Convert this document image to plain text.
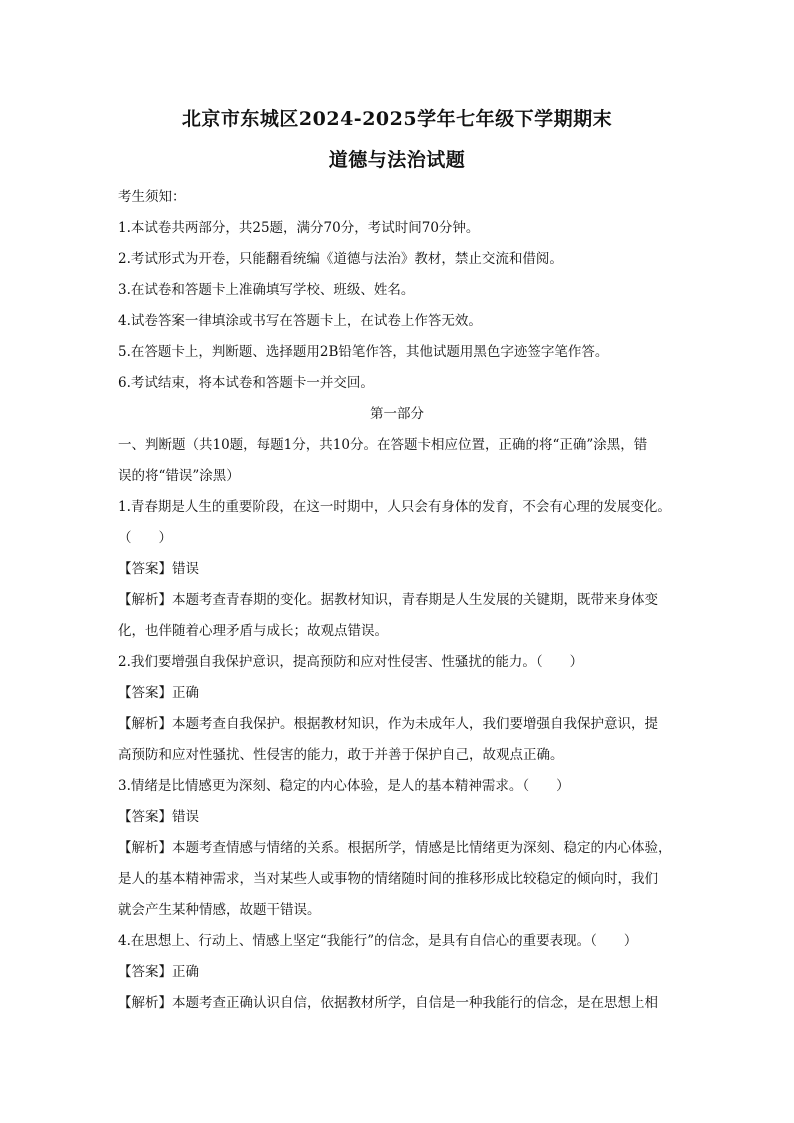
北京市东城区2024-2025学年七年级下学期期末
道德与法治试题
考生须知：
1.本试卷共两部分，共25题，满分70分，考试时间70分钟。
2.考试形式为开卷，只能翻看统编《道德与法治》教材，禁止交流和借阅。
3.在试卷和答题卡上准确填写学校、班级、姓名。
4.试卷答案一律填涂或书写在答题卡上，在试卷上作答无效。
5.在答题卡上，判断题、选择题用2B铅笔作答，其他试题用黑色字迹签字笔作答。
6.考试结束，将本试卷和答题卡一并交回。
第一部分
一、判断题（共10题，每题1分，共10分。在答题卡相应位置，正确的将“正确”涂黑，错
误的将“错误”涂黑）
1.青春期是人生的重要阶段，在这一时期中，人只会有身体的发育，不会有心理的发展变化。
（　　）
【答案】错误
【解析】本题考查青春期的变化。据教材知识，青春期是人生发展的关键期，既带来身体变
化，也伴随着心理矛盾与成长；故观点错误。
2.我们要增强自我保护意识，提高预防和应对性侵害、性骚扰的能力。（　　）
【答案】正确
【解析】本题考查自我保护。根据教材知识，作为未成年人，我们要增强自我保护意识，提
高预防和应对性骚扰、性侵害的能力，敢于并善于保护自己，故观点正确。
3.情绪是比情感更为深刻、稳定的内心体验，是人的基本精神需求。（　　）
【答案】错误
【解析】本题考查情感与情绪的关系。根据所学，情感是比情绪更为深刻、稳定的内心体验，
是人的基本精神需求，当对某些人或事物的情绪随时间的推移形成比较稳定的倾向时，我们
就会产生某种情感，故题干错误。
4.在思想上、行动上、情感上坚定“我能行”的信念，是具有自信心的重要表现。（　　）
【答案】正确
【解析】本题考查正确认识自信，依据教材所学，自信是一种我能行的信念，是在思想上相
